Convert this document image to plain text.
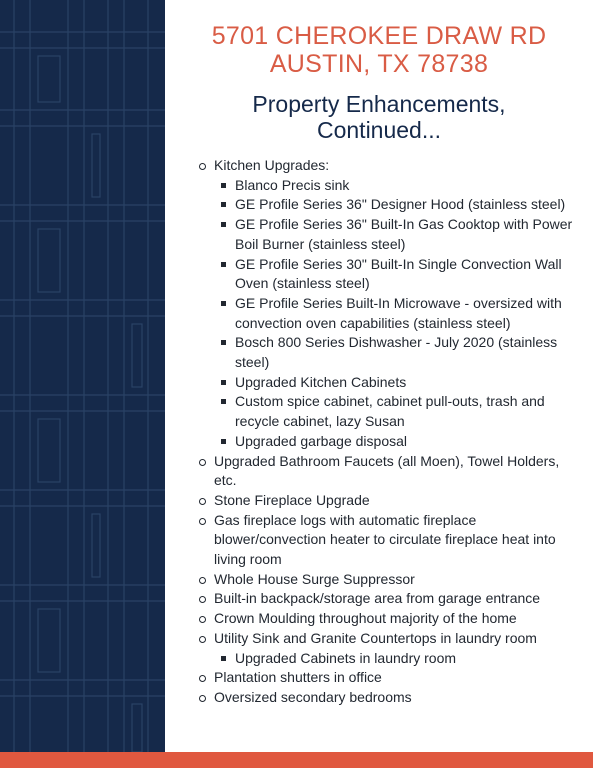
5701 CHEROKEE DRAW RD
AUSTIN, TX 78738
Property Enhancements,
Continued...
Kitchen Upgrades:
Blanco Precis sink
GE Profile Series 36" Designer Hood (stainless steel)
GE Profile Series 36" Built-In Gas Cooktop with Power Boil Burner (stainless steel)
GE Profile Series 30" Built-In Single Convection Wall Oven (stainless steel)
GE Profile Series Built-In Microwave - oversized with convection oven capabilities (stainless steel)
Bosch 800 Series Dishwasher - July 2020 (stainless steel)
Upgraded Kitchen Cabinets
Custom spice cabinet, cabinet pull-outs, trash and recycle cabinet, lazy Susan
Upgraded garbage disposal
Upgraded Bathroom Faucets (all Moen), Towel Holders, etc.
Stone Fireplace Upgrade
Gas fireplace logs with automatic fireplace blower/convection heater to circulate fireplace heat into living room
Whole House Surge Suppressor
Built-in backpack/storage area from garage entrance
Crown Moulding throughout majority of the home
Utility Sink and Granite Countertops in laundry room
Upgraded Cabinets in laundry room
Plantation shutters in office
Oversized secondary bedrooms
